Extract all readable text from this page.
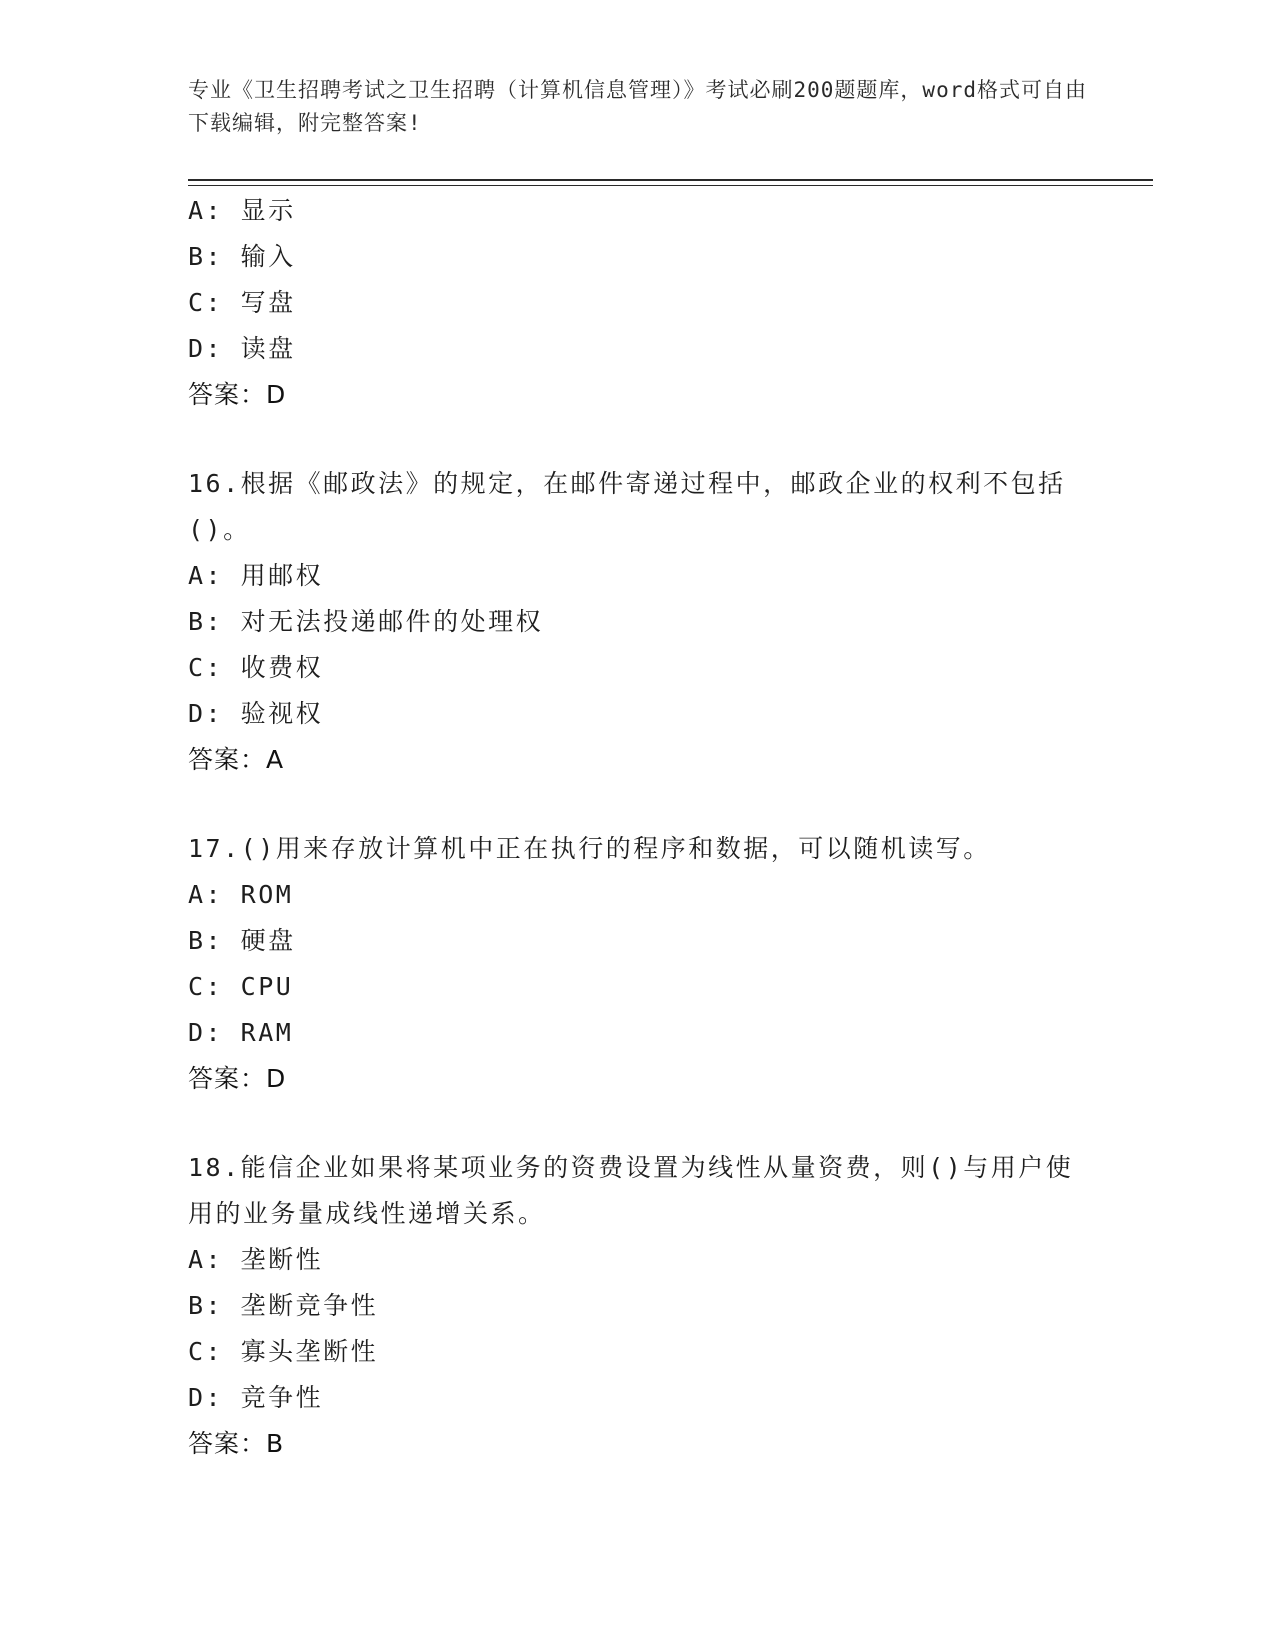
专业《卫生招聘考试之卫生招聘（计算机信息管理）》考试必刷200题题库，word格式可自由下载编辑，附完整答案!
A: 显示
B: 输入
C: 写盘
D: 读盘
答案：D
16.根据《邮政法》的规定，在邮件寄递过程中，邮政企业的权利不包括()。
A: 用邮权
B: 对无法投递邮件的处理权
C: 收费权
D: 验视权
答案：A
17.()用来存放计算机中正在执行的程序和数据，可以随机读写。
A: ROM
B: 硬盘
C: CPU
D: RAM
答案：D
18.能信企业如果将某项业务的资费设置为线性从量资费，则()与用户使用的业务量成线性递增关系。
A: 垄断性
B: 垄断竞争性
C: 寡头垄断性
D: 竞争性
答案：B
